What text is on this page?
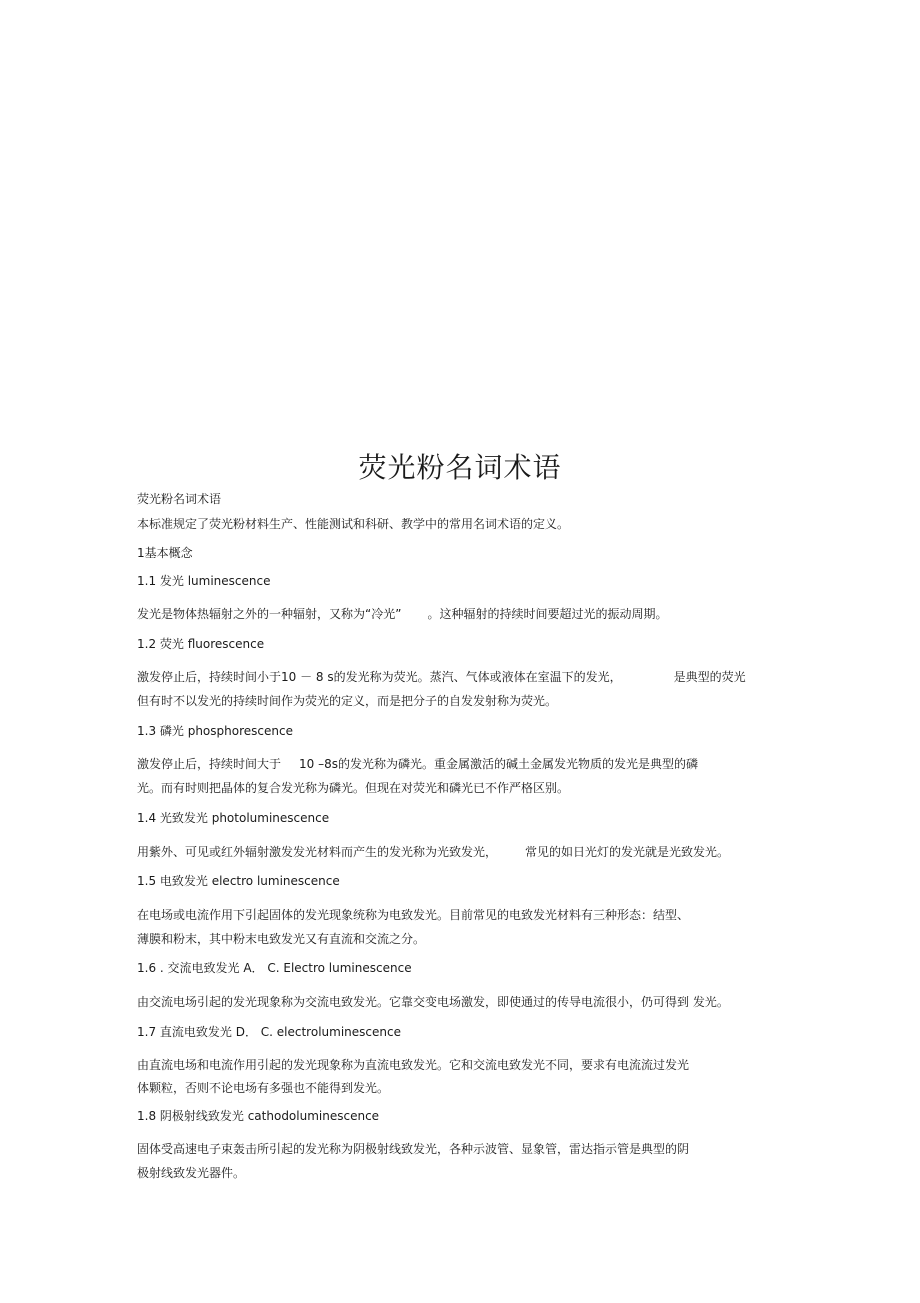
荧光粉名词术语

荧光粉名词术语

本标准规定了荧光粉材料生产、性能测试和科研、教学中的常用名词术语的定义。

1基本概念

1.1 发光 luminescence

发光是物体热辐射之外的一种辐射，又称为“冷光” 。这种辐射的持续时间要超过光的振动周期。

1.2 荧光 fluorescence

激发停止后，持续时间小于10 － 8 s的发光称为荧光。蒸汽、气体或液体在室温下的发光，	是典型的荧光

但有时不以发光的持续时间作为荧光的定义，而是把分子的自发发射称为荧光。

1.3 磷光 phosphorescence

激发停止后，持续时间大于 10 –8s的发光称为磷光。重金属激活的碱土金属发光物质的发光是典型的磷

光。而有时则把晶体的复合发光称为磷光。但现在对荧光和磷光已不作严格区别。

1.4 光致发光 photoluminescence

用紫外、可见或红外辐射激发发光材料而产生的发光称为光致发光， 常见的如日光灯的发光就是光致发光。

1.5 电致发光 electro luminescence

在电场或电流作用下引起固体的发光现象统称为电致发光。目前常见的电致发光材料有三种形态：结型、

薄膜和粉末，其中粉末电致发光又有直流和交流之分。

1.6 . 交流电致发光 A． C. Electro luminescence

由交流电场引起的发光现象称为交流电致发光。它靠交变电场激发，即使通过的传导电流很小，仍可得到 发光。

1.7 直流电致发光 D． C. electroluminescence

由直流电场和电流作用引起的发光现象称为直流电致发光。它和交流电致发光不同，要求有电流流过发光

体颗粒，否则不论电场有多强也不能得到发光。

1.8 阴极射线致发光 cathodoluminescence

固体受高速电子束轰击所引起的发光称为阴极射线致发光，各种示波管、显象管，雷达指示管是典型的阴

极射线致发光器件。
